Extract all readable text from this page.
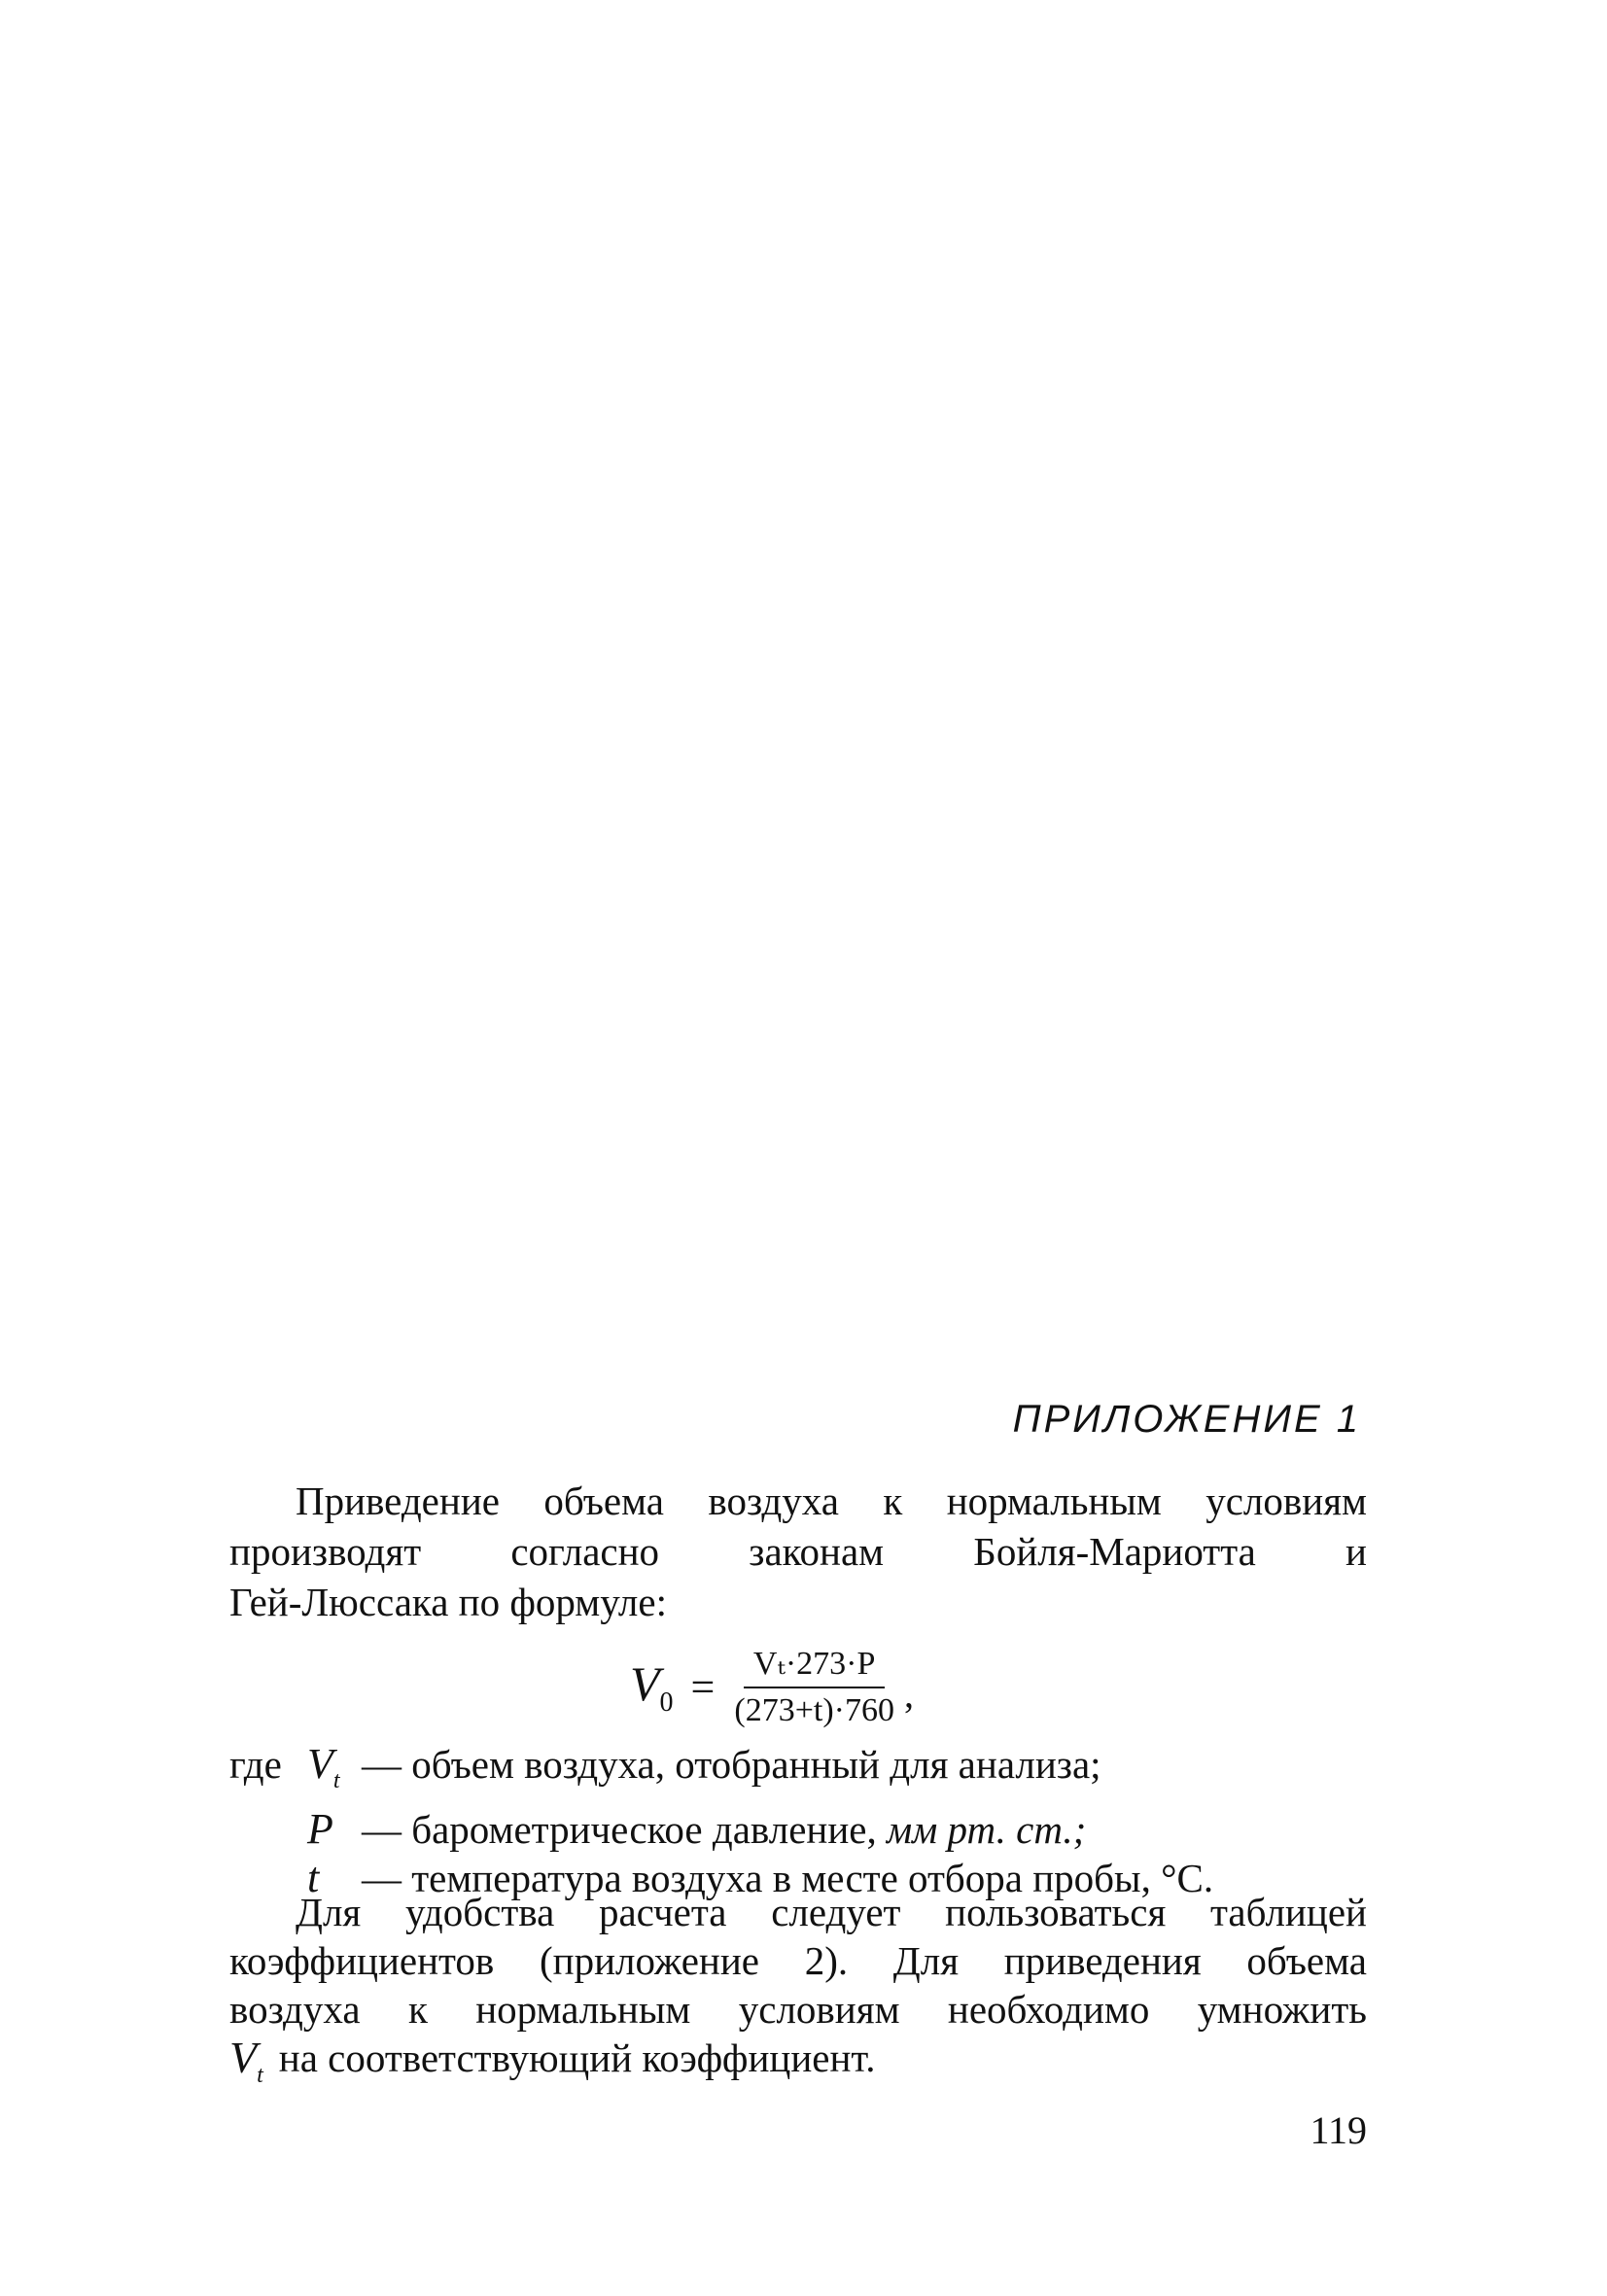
ПРИЛОЖЕНИЕ 1
Приведение объема воздуха к нормальным условиям
производят согласно законам Бойля-Мариотта и
Гей-Люссака по формуле:
$V_0 = \frac{\text{Vₜ·273·P}}{(273+t)\cdot 760}$ ,
где $V_t$ — объем воздуха, отобранный для анализа;
P — барометрическое давление, мм рт. ст.;
t	— температура воздуха в месте отбора пробы, °С.
Для удобства расчета следует пользоваться таблицей
коэффициентов (приложение 2). Для приведения объема
воздуха к нормальным условиям необходимо умножить
$V_t$ на соответствующий коэффициент.
119
